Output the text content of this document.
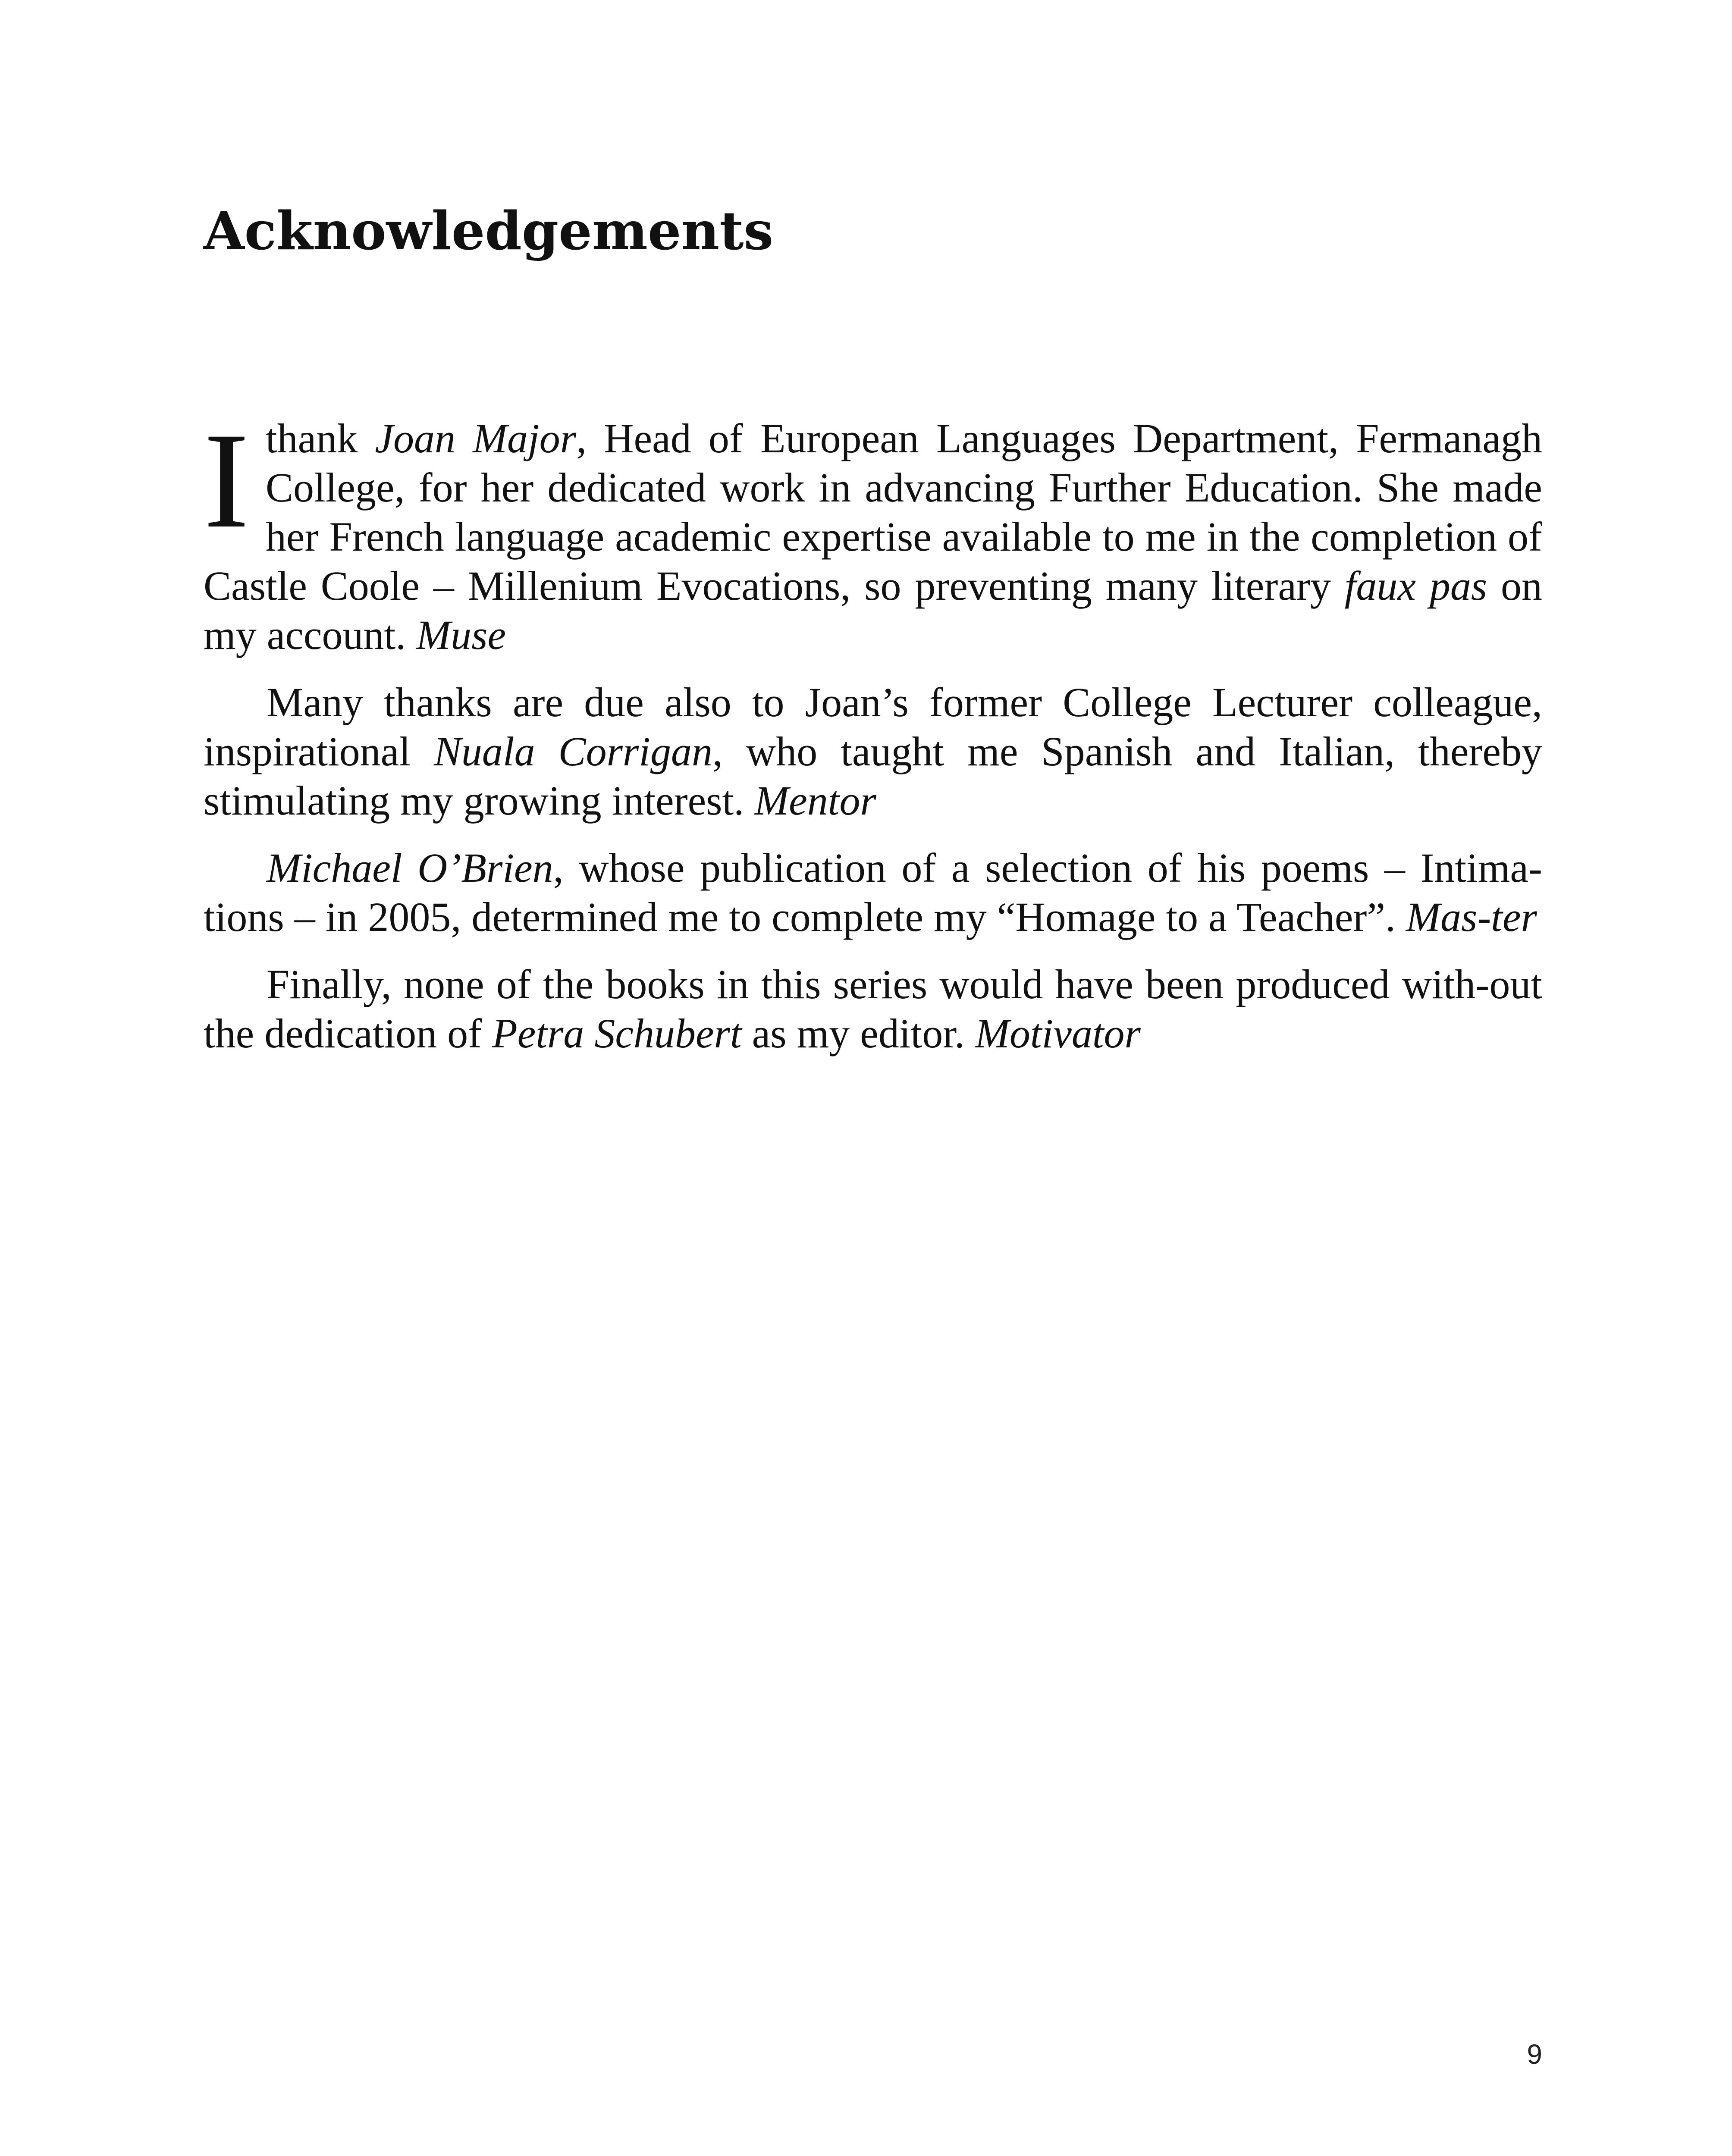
Acknowledgements

I thank Joan Major, Head of European Languages Department, Fermanagh College, for her dedicated work in advancing Further Education. She made her French language academic expertise available to me in the completion of Castle Coole – Millenium Evocations, so preventing many literary faux pas on my account. Muse

Many thanks are due also to Joan’s former College Lecturer colleague, inspirational Nuala Corrigan, who taught me Spanish and Italian, thereby stimulating my growing interest. Mentor

Michael O’Brien, whose publication of a selection of his poems – Intima-tions – in 2005, determined me to complete my “Homage to a Teacher”. Mas-ter

Finally, none of the books in this series would have been produced with-out the dedication of Petra Schubert as my editor. Motivator

9
